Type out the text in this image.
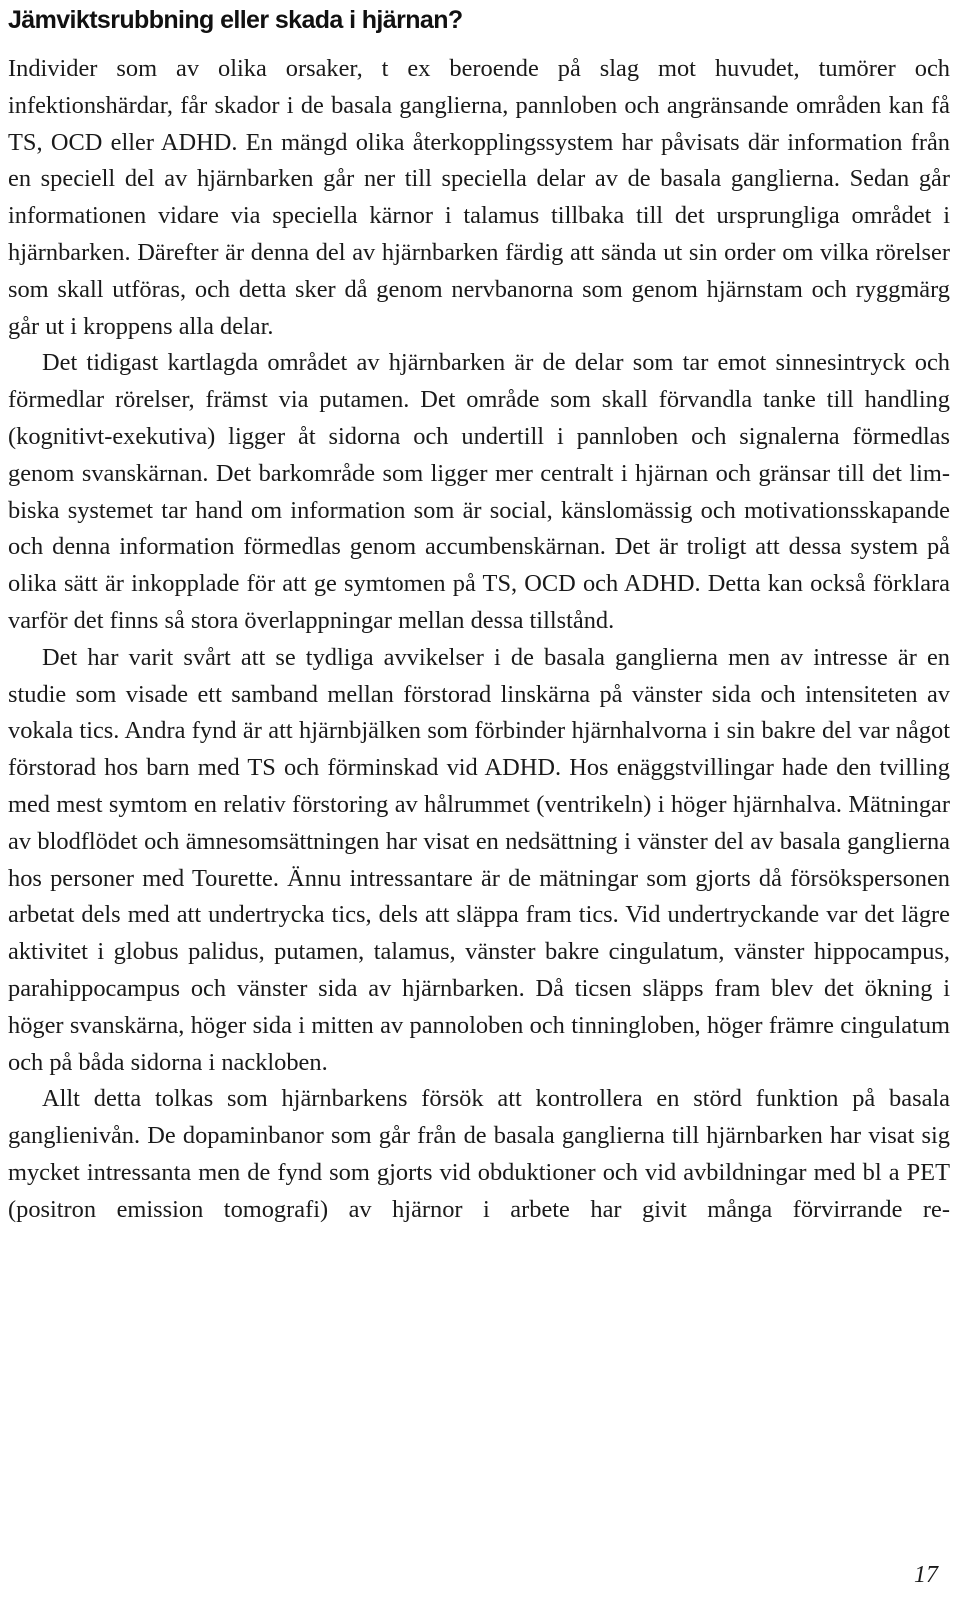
Jämviktsrubbning eller skada i hjärnan?

Individer som av olika orsaker, t ex beroende på slag mot huvudet, tumörer och infektionshärdar, får skador i de basala ganglierna, pannloben och angränsande områden kan få TS, OCD eller ADHD. En mängd olika återkopplingssystem har påvisats där information från en speciell del av hjärnbarken går ner till speciella delar av de basala ganglierna. Sedan går informationen vidare via speciella kärnor i talamus tillbaka till det ursprungliga området i hjärnbarken. Därefter är denna del av hjärnbarken färdig att sända ut sin order om vilka rörelser som skall utföras, och detta sker då genom nervbanorna som genom hjärnstam och ryggmärg går ut i kroppens alla delar.

Det tidigast kartlagda området av hjärnbarken är de delar som tar emot sinnesintryck och förmedlar rörelser, främst via putamen. Det område som skall förvandla tanke till handling (kognitivt-exekutiva) ligger åt sidorna och undertill i pannloben och signalerna förmedlas genom svanskärnan. Det barkområde som ligger mer centralt i hjärnan och gränsar till det limbiska systemet tar hand om information som är social, känslomässig och motivationsskapande och denna information förmedlas genom accumbenskärnan. Det är troligt att dessa system på olika sätt är inkopplade för att ge symtomen på TS, OCD och ADHD. Detta kan också förklara varför det finns så stora överlappningar mellan dessa tillstånd.

Det har varit svårt att se tydliga avvikelser i de basala ganglierna men av intresse är en studie som visade ett samband mellan förstorad linskärna på vänster sida och intensiteten av vokala tics. Andra fynd är att hjärnbjälken som förbinder hjärnhalvorna i sin bakre del var något förstorad hos barn med TS och förminskad vid ADHD. Hos enäggstvillingar hade den tvilling med mest symtom en relativ förstoring av hålrummet (ventrikeln) i höger hjärnhalva. Mätningar av blodflödet och ämnesomsättningen har visat en nedsättning i vänster del av basala ganglierna hos personer med Tourette. Ännu intressantare är de mätningar som gjorts då försökspersonen arbetat dels med att undertrycka tics, dels att släppa fram tics. Vid undertryckande var det lägre aktivitet i globus palidus, putamen, talamus, vänster bakre cingulatum, vänster hippocampus, parahippocampus och vänster sida av hjärnbarken. Då ticsen släpps fram blev det ökning i höger svanskärna, höger sida i mitten av pannoloben och tinningloben, höger främre cingulatum och på båda sidorna i nackloben.

Allt detta tolkas som hjärnbarkens försök att kontrollera en störd funktion på basala ganglienivån. De dopaminbanor som går från de basala ganglierna till hjärnbarken har visat sig mycket intressanta men de fynd som gjorts vid obduktioner och vid avbildningar med bl a PET (positron emission tomografi) av hjärnor i arbete har givit många förvirrande re-

17
